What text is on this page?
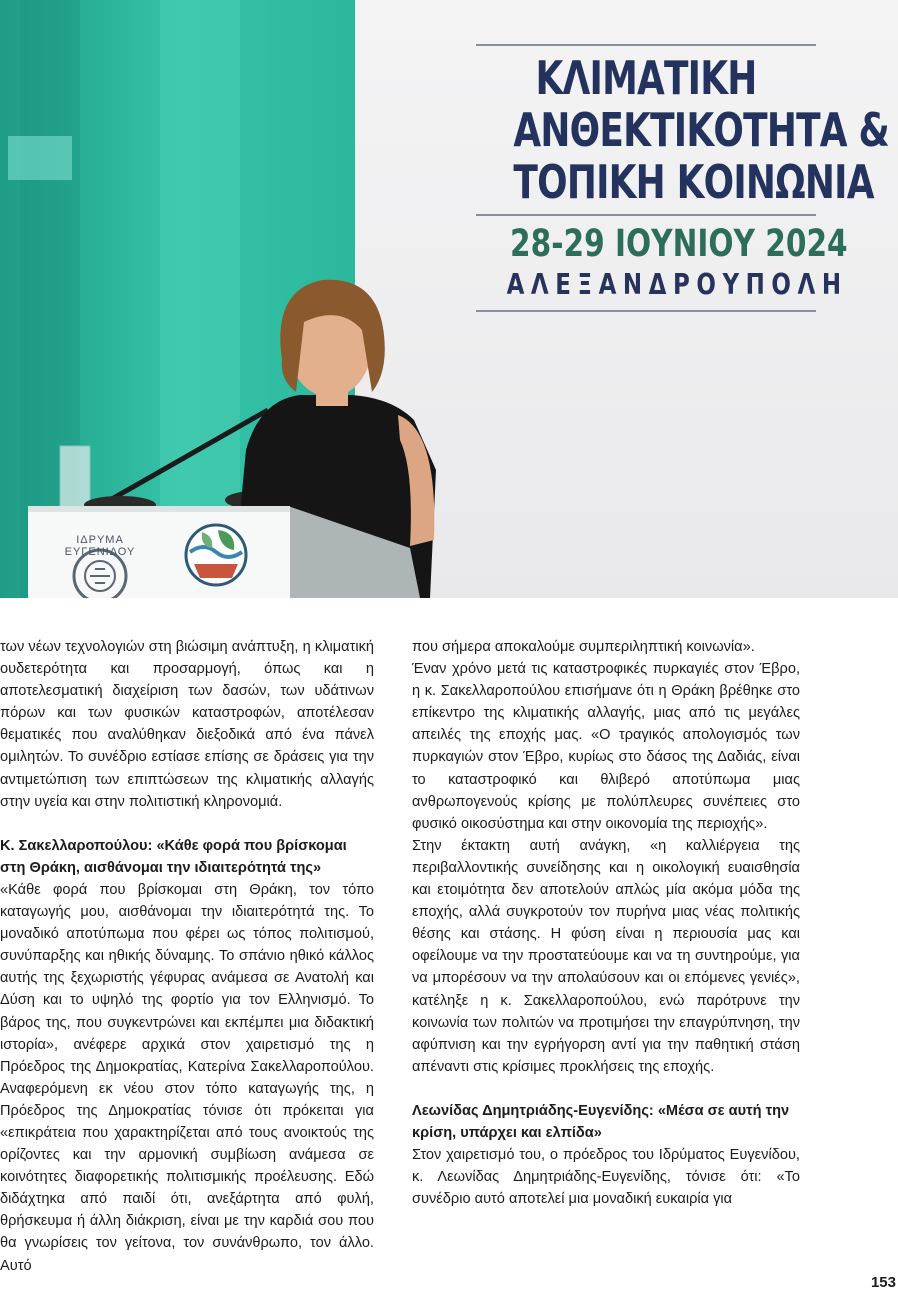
ΙΔΡΥΜΑ ΕΥΓΕΝΙΔΟΥ
ΚΛΙΜΑΤΙΚΗ
ΑΝΘΕΚΤΙΚΟΤΗΤΑ &
ΤΟΠΙΚΗ ΚΟΙΝΩΝΙΑ
28-29 ΙΟΥΝΙΟΥ 2024
ΑΛΕΞΑΝΔΡΟΥΠΟΛΗ

των νέων τεχνολογιών στη βιώσιμη ανάπτυξη, η κλιματική ουδετερότητα και προσαρμογή, όπως και η αποτελεσματική διαχείριση των δασών, των υδάτινων πόρων και των φυσικών καταστροφών, αποτέλεσαν θεματικές που αναλύθηκαν διεξοδικά από ένα πάνελ ομιλητών. Το συνέδριο εστίασε επίσης σε δράσεις για την αντιμετώπιση των επιπτώσεων της κλιματικής αλλαγής στην υγεία και στην πολιτιστική κληρονομιά.

Κ. Σακελλαροπούλου: «Κάθε φορά που βρίσκομαι στη Θράκη, αισθάνομαι την ιδιαιτερότητά της»

«Κάθε φορά που βρίσκομαι στη Θράκη, τον τόπο καταγωγής μου, αισθάνομαι την ιδιαιτερότητά της. Το μοναδικό αποτύπωμα που φέρει ως τόπος πολιτισμού, συνύπαρξης και ηθικής δύναμης. Το σπάνιο ηθικό κάλλος αυτής της ξεχωριστής γέφυρας ανάμεσα σε Ανατολή και Δύση και το υψηλό της φορτίο για τον Ελληνισμό. Το βάρος της, που συγκεντρώνει και εκπέμπει μια διδακτική ιστορία», ανέφερε αρχικά στον χαιρετισμό της η Πρόεδρος της Δημοκρατίας, Κατερίνα Σακελλαροπούλου. Αναφερόμενη εκ νέου στον τόπο καταγωγής της, η Πρόεδρος της Δημοκρατίας τόνισε ότι πρόκειται για «επικράτεια που χαρακτηρίζεται από τους ανοικτούς της ορίζοντες και την αρμονική συμβίωση ανάμεσα σε κοινότητες διαφορετικής πολιτισμικής προέλευσης. Εδώ διδάχτηκα από παιδί ότι, ανεξάρτητα από φυλή, θρήσκευμα ή άλλη διάκριση, είναι με την καρδιά σου που θα γνωρίσεις τον γείτονα, τον συνάνθρωπο, τον άλλο. Αυτό

που σήμερα αποκαλούμε συμπεριληπτική κοινωνία».

Έναν χρόνο μετά τις καταστροφικές πυρκαγιές στον Έβρο, η κ. Σακελλαροπούλου επισήμανε ότι η Θράκη βρέθηκε στο επίκεντρο της κλιματικής αλλαγής, μιας από τις μεγάλες απειλές της εποχής μας. «Ο τραγικός απολογισμός των πυρκαγιών στον Έβρο, κυρίως στο δάσος της Δαδιάς, είναι το καταστροφικό και θλιβερό αποτύπωμα μιας ανθρωπογενούς κρίσης με πολύπλευρες συνέπειες στο φυσικό οικοσύστημα και στην οικονομία της περιοχής».

Στην έκτακτη αυτή ανάγκη, «η καλλιέργεια της περιβαλλοντικής συνείδησης και η οικολογική ευαισθησία και ετοιμότητα δεν αποτελούν απλώς μία ακόμα μόδα της εποχής, αλλά συγκροτούν τον πυρήνα μιας νέας πολιτικής θέσης και στάσης. Η φύση είναι η περιουσία μας και οφείλουμε να την προστατεύουμε και να τη συντηρούμε, για να μπορέσουν να την απολαύσουν και οι επόμενες γενιές», κατέληξε η κ. Σακελλαροπούλου, ενώ παρότρυνε την κοινωνία των πολιτών να προτιμήσει την επαγρύπνηση, την αφύπνιση και την εγρήγορση αντί για την παθητική στάση απέναντι στις κρίσιμες προκλήσεις της εποχής.

Λεωνίδας Δημητριάδης-Ευγενίδης: «Μέσα σε αυτή την κρίση, υπάρχει και ελπίδα»

Στον χαιρετισμό του, ο πρόεδρος του Ιδρύματος Ευγενίδου, κ. Λεωνίδας Δημητριάδης-Ευγενίδης, τόνισε ότι: «Το συνέδριο αυτό αποτελεί μια μοναδική ευκαιρία για

153
